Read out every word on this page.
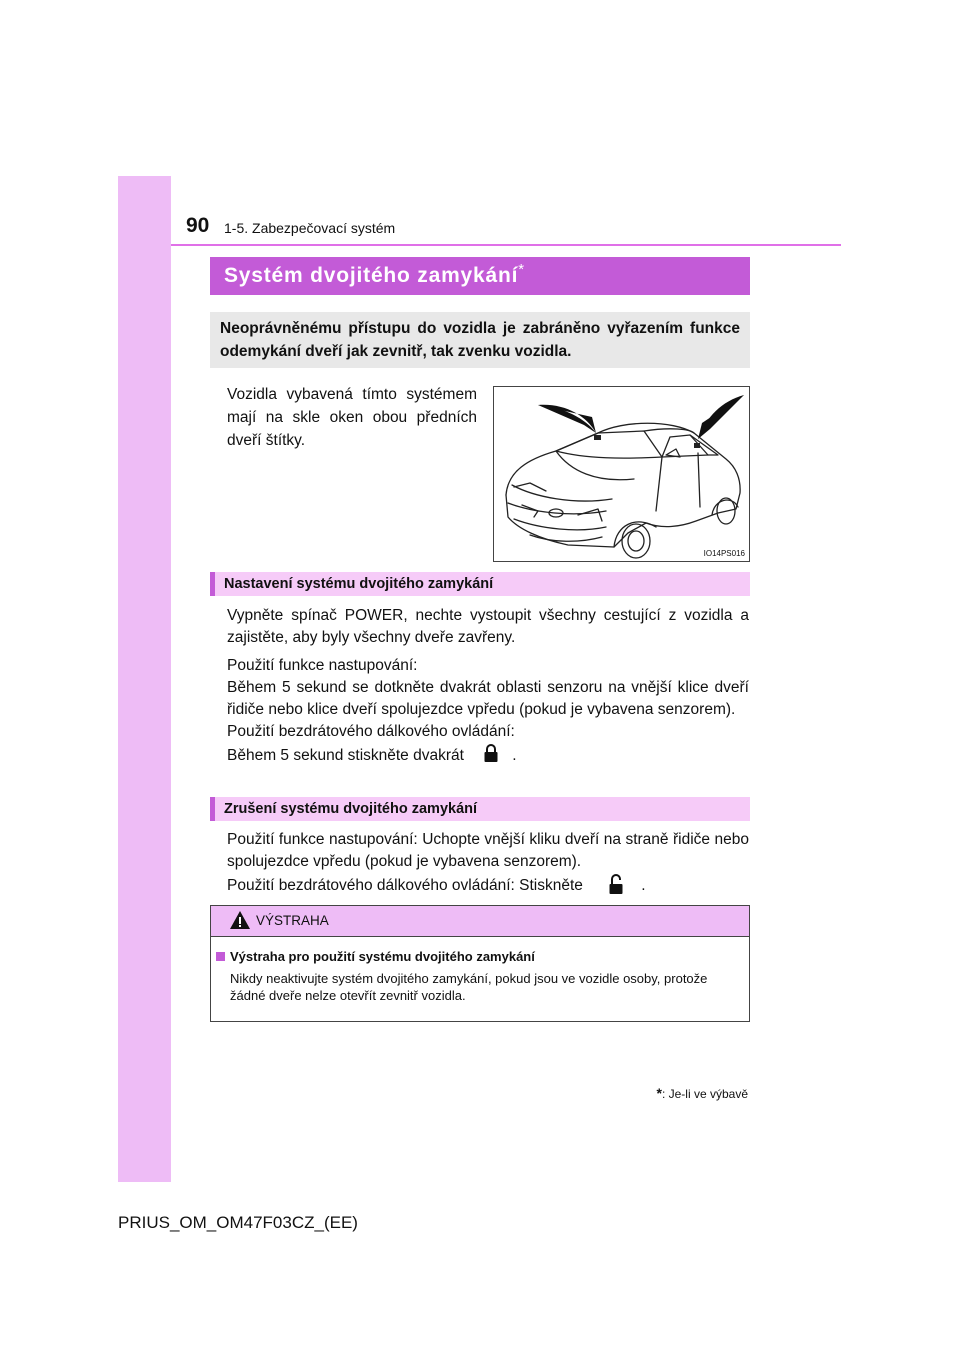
90 1-5. Zabezpečovací systém
Systém dvojitého zamykání *

Neoprávněnému přístupu do vozidla je zabráněno vyřazením funkce odemykání dveří jak zevnitř, tak zvenku vozidla.

Vozidla vybavená tímto systémem mají na skle oken obou předních dveří štítky.

IO14PS016
Nastavení systému dvojitého zamykání

Vypněte spínač POWER, nechte vystoupit všechny cestující z vozidla a zajistěte, aby byly všechny dveře zavřeny.

Použití funkce nastupování:
Během 5 sekund se dotkněte dvakrát oblasti senzoru na vnější klice dveří řidiče nebo klice dveří spolujezdce vpředu (pokud je vybavena senzorem).
Použití bezdrátového dálkového ovládání:
Během 5 sekund stiskněte dvakrát	.

Zrušení systému dvojitého zamykání

Použití funkce nastupování: Uchopte vnější kliku dveří na straně řidiče nebo spolujezdce vpředu (pokud je vybavena senzorem).
Použití bezdrátového dálkového ovládání: Stiskněte	.

VÝSTRAHA
Výstraha pro použití systému dvojitého zamykání

Nikdy neaktivujte systém dvojitého zamykání, pokud jsou ve vozidle osoby, protože žádné dveře nelze otevřít zevnitř vozidla.

*: Je-li ve výbavě
PRIUS_OM_OM47F03CZ_(EE)
